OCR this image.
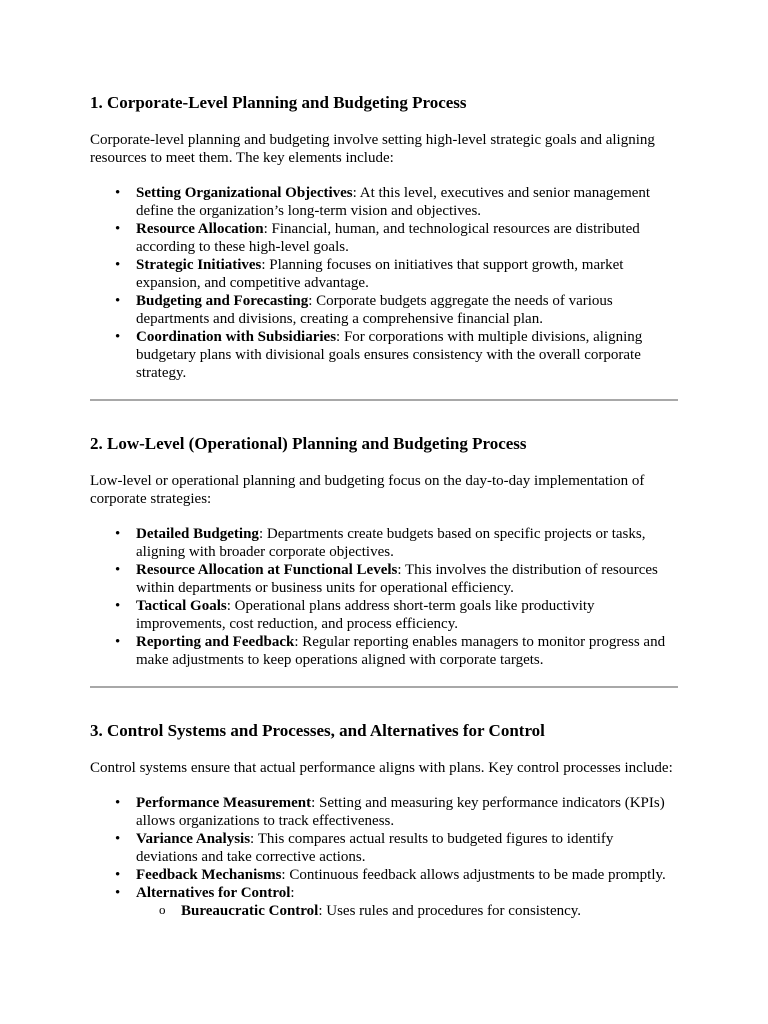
1. Corporate-Level Planning and Budgeting Process

Corporate-level planning and budgeting involve setting high-level strategic goals and aligning resources to meet them. The key elements include:

• Setting Organizational Objectives: At this level, executives and senior management define the organization’s long-term vision and objectives.
• Resource Allocation: Financial, human, and technological resources are distributed according to these high-level goals.
• Strategic Initiatives: Planning focuses on initiatives that support growth, market expansion, and competitive advantage.
• Budgeting and Forecasting: Corporate budgets aggregate the needs of various departments and divisions, creating a comprehensive financial plan.
• Coordination with Subsidiaries: For corporations with multiple divisions, aligning budgetary plans with divisional goals ensures consistency with the overall corporate strategy.
2. Low-Level (Operational) Planning and Budgeting Process

Low-level or operational planning and budgeting focus on the day-to-day implementation of corporate strategies:

• Detailed Budgeting: Departments create budgets based on specific projects or tasks, aligning with broader corporate objectives.
• Resource Allocation at Functional Levels: This involves the distribution of resources within departments or business units for operational efficiency.
• Tactical Goals: Operational plans address short-term goals like productivity improvements, cost reduction, and process efficiency.
• Reporting and Feedback: Regular reporting enables managers to monitor progress and make adjustments to keep operations aligned with corporate targets.
3. Control Systems and Processes, and Alternatives for Control

Control systems ensure that actual performance aligns with plans. Key control processes include:

• Performance Measurement: Setting and measuring key performance indicators (KPIs) allows organizations to track effectiveness.
• Variance Analysis: This compares actual results to budgeted figures to identify deviations and take corrective actions.
• Feedback Mechanisms: Continuous feedback allows adjustments to be made promptly.
• Alternatives for Control:
o Bureaucratic Control: Uses rules and procedures for consistency.
